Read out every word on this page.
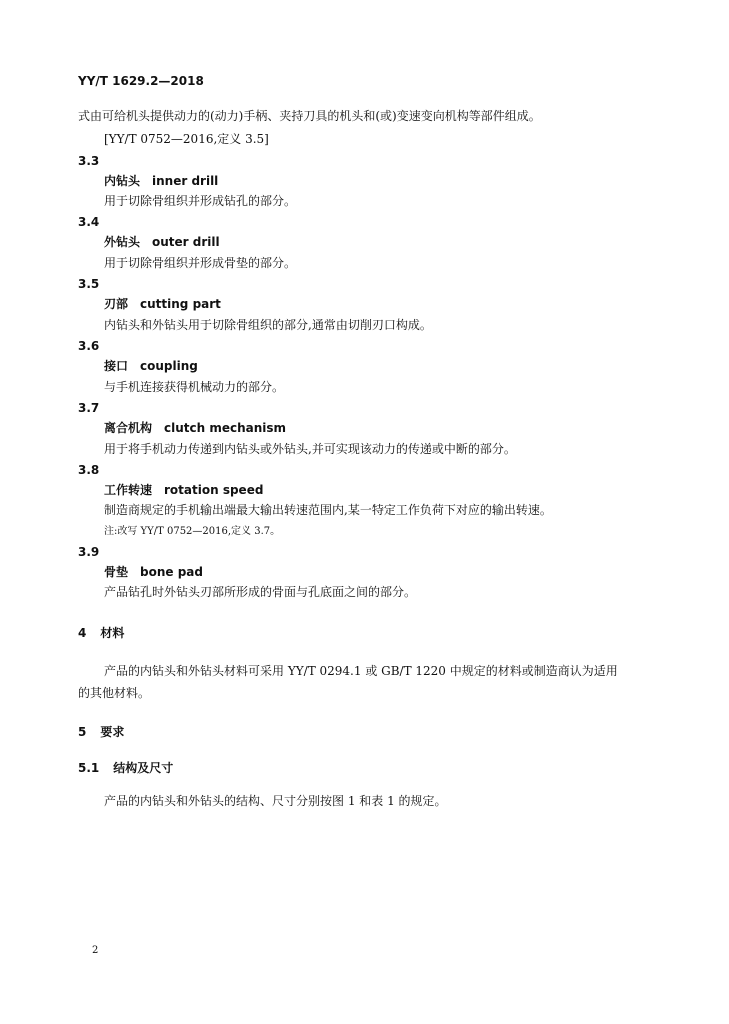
YY/T 1629.2—2018
式由可给机头提供动力的(动力)手柄、夹持刀具的机头和(或)变速变向机构等部件组成。
[YY/T 0752—2016,定义 3.5]
3.3
内钻头 inner drill
用于切除骨组织并形成钻孔的部分。
3.4
外钻头 outer drill
用于切除骨组织并形成骨垫的部分。
3.5
刃部 cutting part
内钻头和外钻头用于切除骨组织的部分,通常由切削刃口构成。
3.6
接口 coupling
与手机连接获得机械动力的部分。
3.7
离合机构 clutch mechanism
用于将手机动力传递到内钻头或外钻头,并可实现该动力的传递或中断的部分。
3.8
工作转速 rotation speed
制造商规定的手机输出端最大输出转速范围内,某一特定工作负荷下对应的输出转速。
注:改写 YY/T 0752—2016,定义 3.7。
3.9
骨垫 bone pad
产品钻孔时外钻头刃部所形成的骨面与孔底面之间的部分。
4 材料
产品的内钻头和外钻头材料可采用 YY/T 0294.1 或 GB/T 1220 中规定的材料或制造商认为适用
的其他材料。
5 要求
5.1 结构及尺寸
产品的内钻头和外钻头的结构、尺寸分别按图 1 和表 1 的规定。
2
